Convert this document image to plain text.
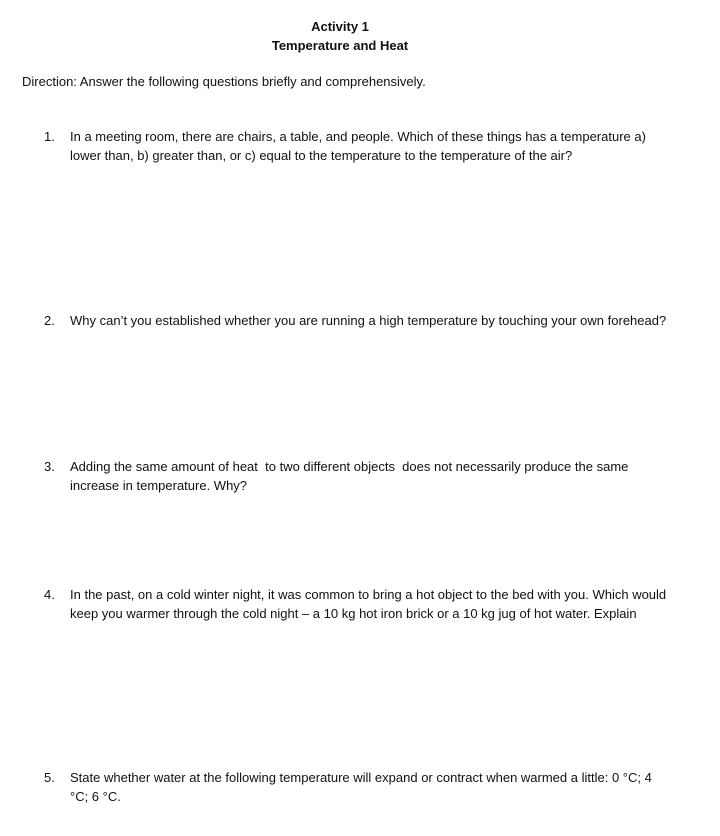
Activity 1
Temperature and Heat
Direction: Answer the following questions briefly and comprehensively.
1.	In a meeting room, there are chairs, a table, and people. Which of these things has a temperature a) lower than, b) greater than, or c) equal to the temperature to the temperature of the air?
2.	Why can’t you established whether you are running a high temperature by touching your own forehead?
3.	Adding the same amount of heat  to two different objects  does not necessarily produce the same increase in temperature. Why?
4.	In the past, on a cold winter night, it was common to bring a hot object to the bed with you. Which would keep you warmer through the cold night – a 10 kg hot iron brick or a 10 kg jug of hot water. Explain
5.	State whether water at the following temperature will expand or contract when warmed a little: 0 °C; 4 °C; 6 °C.
